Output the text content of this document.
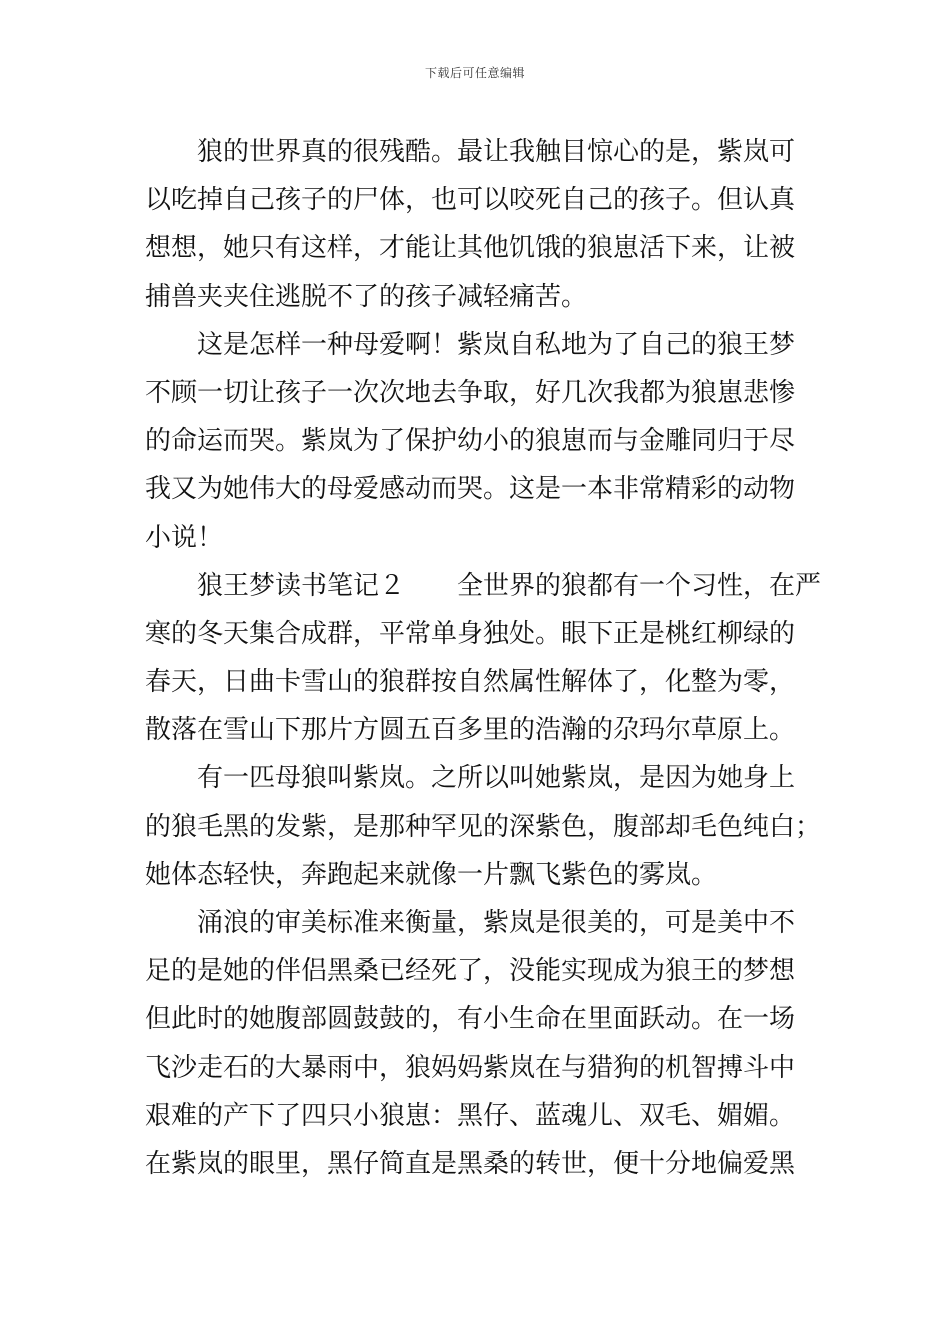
下载后可任意编辑
狼的世界真的很残酷。最让我触目惊心的是，紫岚可
以吃掉自己孩子的尸体，也可以咬死自己的孩子。但认真
想想，她只有这样，才能让其他饥饿的狼崽活下来，让被
捕兽夹夹住逃脱不了的孩子减轻痛苦。
这是怎样一种母爱啊！紫岚自私地为了自己的狼王梦
不顾一切让孩子一次次地去争取，好几次我都为狼崽悲惨
的命运而哭。紫岚为了保护幼小的狼崽而与金雕同归于尽
我又为她伟大的母爱感动而哭。这是一本非常精彩的动物
小说！
狼王梦读书笔记２　　全世界的狼都有一个习性，在严
寒的冬天集合成群，平常单身独处。眼下正是桃红柳绿的
春天，日曲卡雪山的狼群按自然属性解体了，化整为零，
散落在雪山下那片方圆五百多里的浩瀚的尕玛尔草原上。
有一匹母狼叫紫岚。之所以叫她紫岚，是因为她身上
的狼毛黑的发紫，是那种罕见的深紫色，腹部却毛色纯白；
她体态轻快，奔跑起来就像一片飘飞紫色的雾岚。
涌浪的审美标准来衡量，紫岚是很美的，可是美中不
足的是她的伴侣黑桑已经死了，没能实现成为狼王的梦想
但此时的她腹部圆鼓鼓的，有小生命在里面跃动。在一场
飞沙走石的大暴雨中，狼妈妈紫岚在与猎狗的机智搏斗中
艰难的产下了四只小狼崽：黑仔、蓝魂儿、双毛、媚媚。
在紫岚的眼里，黑仔简直是黑桑的转世，便十分地偏爱黑
